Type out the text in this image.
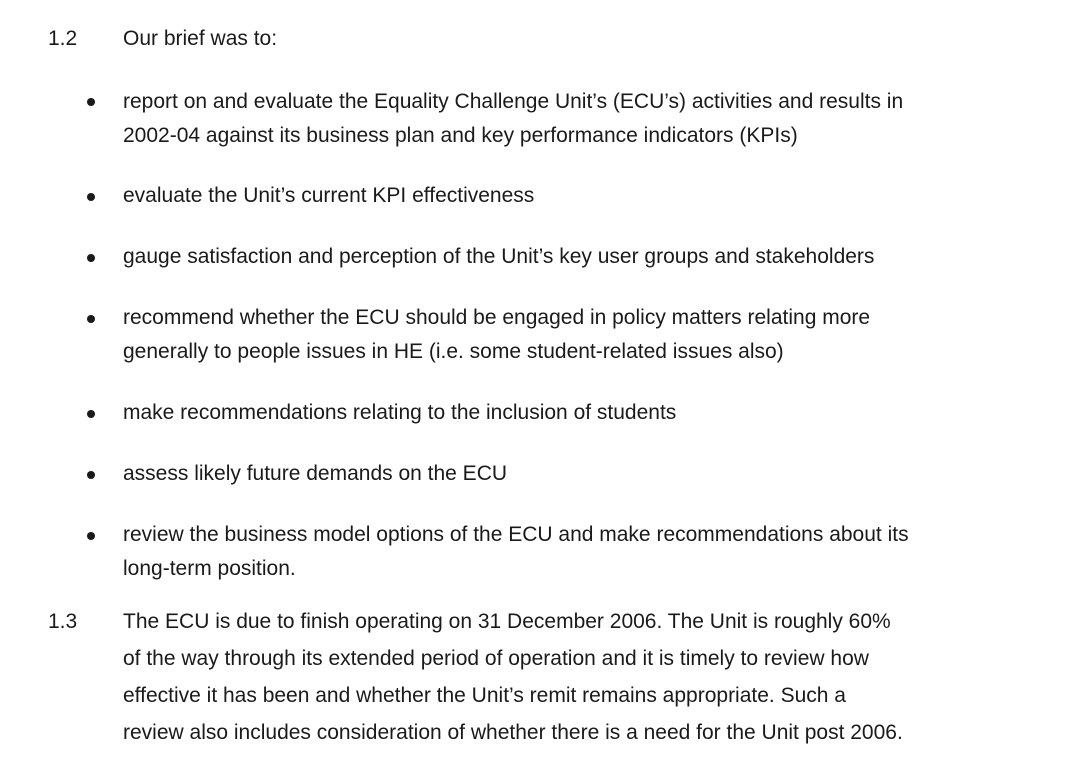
1.2 Our brief was to:
report on and evaluate the Equality Challenge Unit’s (ECU’s) activities and results in
2002-04 against its business plan and key performance indicators (KPIs)
evaluate the Unit’s current KPI effectiveness
gauge satisfaction and perception of the Unit’s key user groups and stakeholders
recommend whether the ECU should be engaged in policy matters relating more
generally to people issues in HE (i.e. some student-related issues also)
make recommendations relating to the inclusion of students
assess likely future demands on the ECU
review the business model options of the ECU and make recommendations about its
long-term position.
1.3 The ECU is due to finish operating on 31 December 2006. The Unit is roughly 60%
of the way through its extended period of operation and it is timely to review how
effective it has been and whether the Unit’s remit remains appropriate. Such a
review also includes consideration of whether there is a need for the Unit post 2006.
